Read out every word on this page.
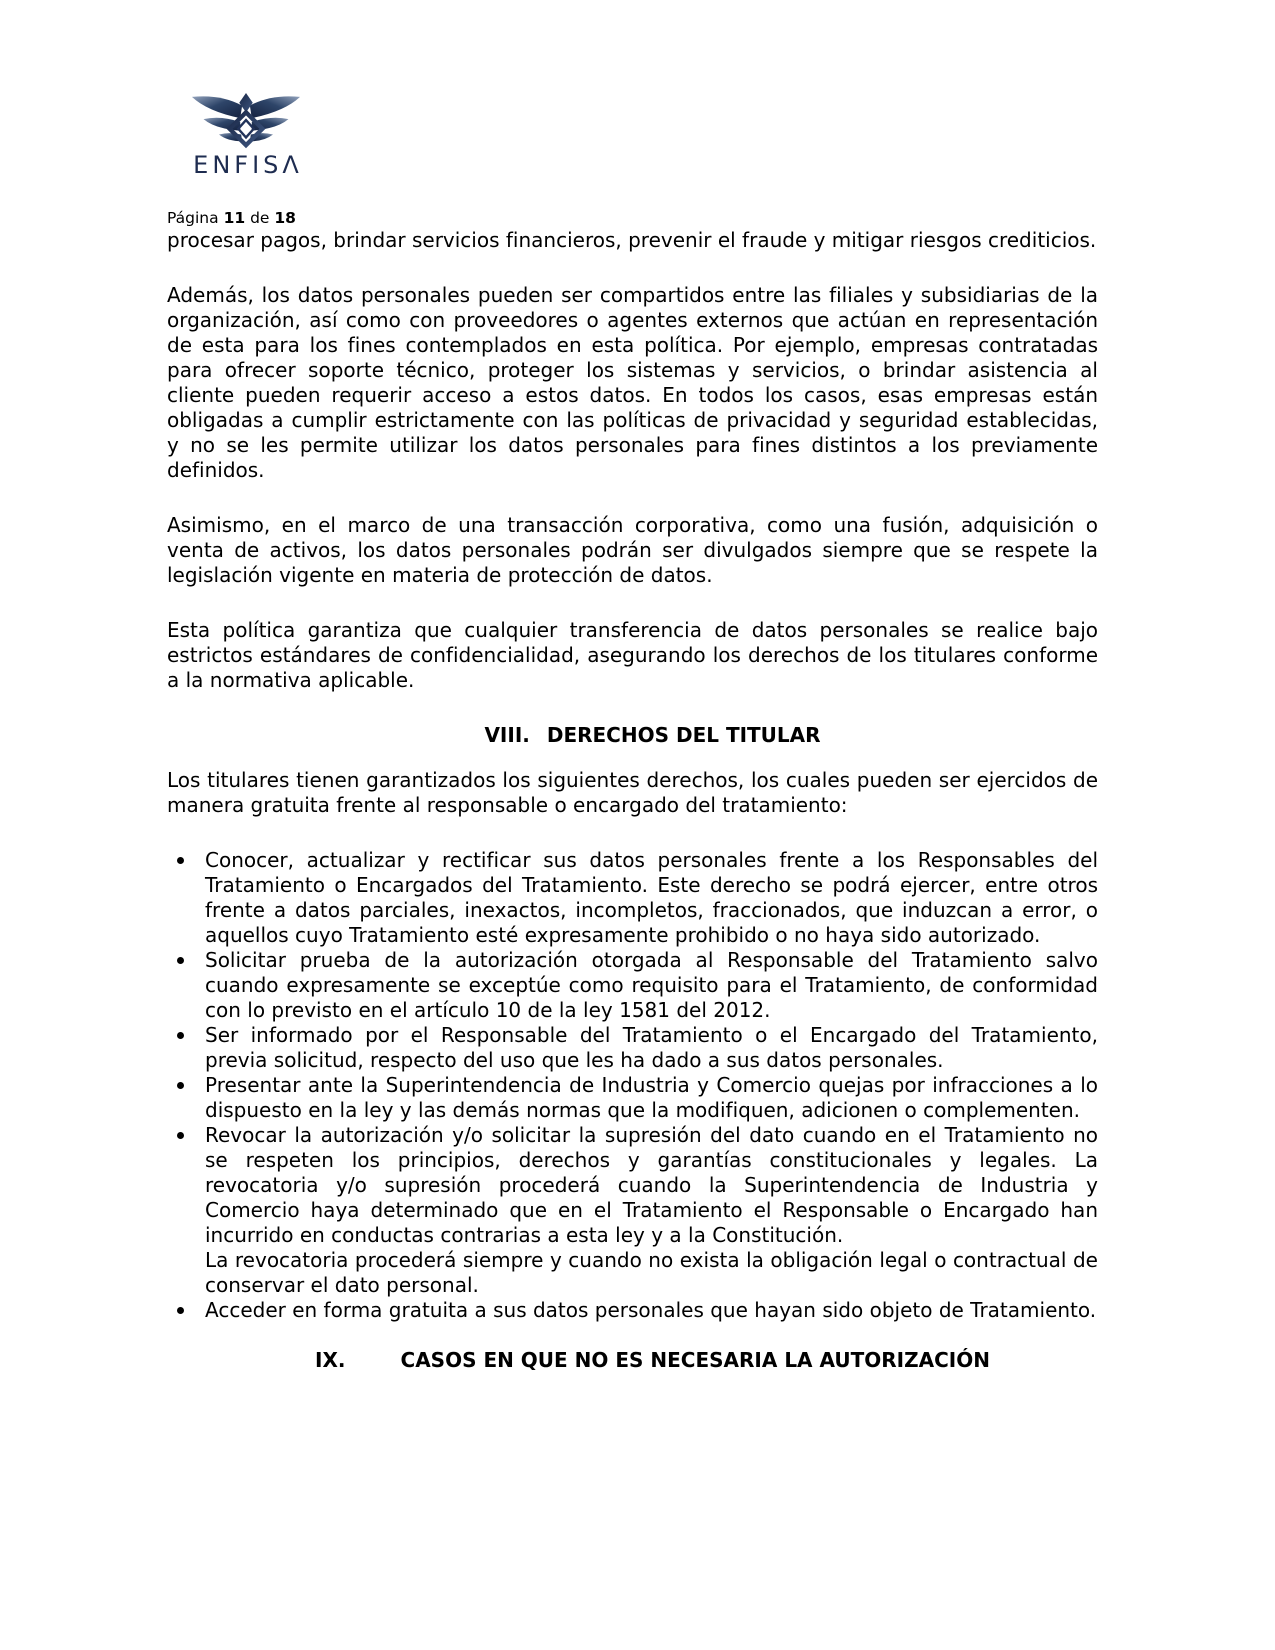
ENFISΛ
Página 11 de 18

procesar pagos, brindar servicios financieros, prevenir el fraude y mitigar riesgos crediticios.

Además, los datos personales pueden ser compartidos entre las filiales y subsidiarias de la organización, así como con proveedores o agentes externos que actúan en representación de esta para los fines contemplados en esta política. Por ejemplo, empresas contratadas para ofrecer soporte técnico, proteger los sistemas y servicios, o brindar asistencia al cliente pueden requerir acceso a estos datos. En todos los casos, esas empresas están obligadas a cumplir estrictamente con las políticas de privacidad y seguridad establecidas, y no se les permite utilizar los datos personales para fines distintos a los previamente definidos.

Asimismo, en el marco de una transacción corporativa, como una fusión, adquisición o venta de activos, los datos personales podrán ser divulgados siempre que se respete la legislación vigente en materia de protección de datos.

Esta política garantiza que cualquier transferencia de datos personales se realice bajo estrictos estándares de confidencialidad, asegurando los derechos de los titulares conforme a la normativa aplicable.

VIII. DERECHOS DEL TITULAR

Los titulares tienen garantizados los siguientes derechos, los cuales pueden ser ejercidos de manera gratuita frente al responsable o encargado del tratamiento:

Conocer, actualizar y rectificar sus datos personales frente a los Responsables del Tratamiento o Encargados del Tratamiento. Este derecho se podrá ejercer, entre otros frente a datos parciales, inexactos, incompletos, fraccionados, que induzcan a error, o aquellos cuyo Tratamiento esté expresamente prohibido o no haya sido autorizado.
Solicitar prueba de la autorización otorgada al Responsable del Tratamiento salvo cuando expresamente se exceptúe como requisito para el Tratamiento, de conformidad con lo previsto en el artículo 10 de la ley 1581 del 2012.
Ser informado por el Responsable del Tratamiento o el Encargado del Tratamiento, previa solicitud, respecto del uso que les ha dado a sus datos personales.
Presentar ante la Superintendencia de Industria y Comercio quejas por infracciones a lo dispuesto en la ley y las demás normas que la modifiquen, adicionen o complementen.
Revocar la autorización y/o solicitar la supresión del dato cuando en el Tratamiento no se respeten los principios, derechos y garantías constitucionales y legales. La revocatoria y/o supresión procederá cuando la Superintendencia de Industria y Comercio haya determinado que en el Tratamiento el Responsable o Encargado han incurrido en conductas contrarias a esta ley y a la Constitución.
La revocatoria procederá siempre y cuando no exista la obligación legal o contractual de conservar el dato personal.
Acceder en forma gratuita a sus datos personales que hayan sido objeto de Tratamiento.
IX.	CASOS EN QUE NO ES NECESARIA LA AUTORIZACIÓN
